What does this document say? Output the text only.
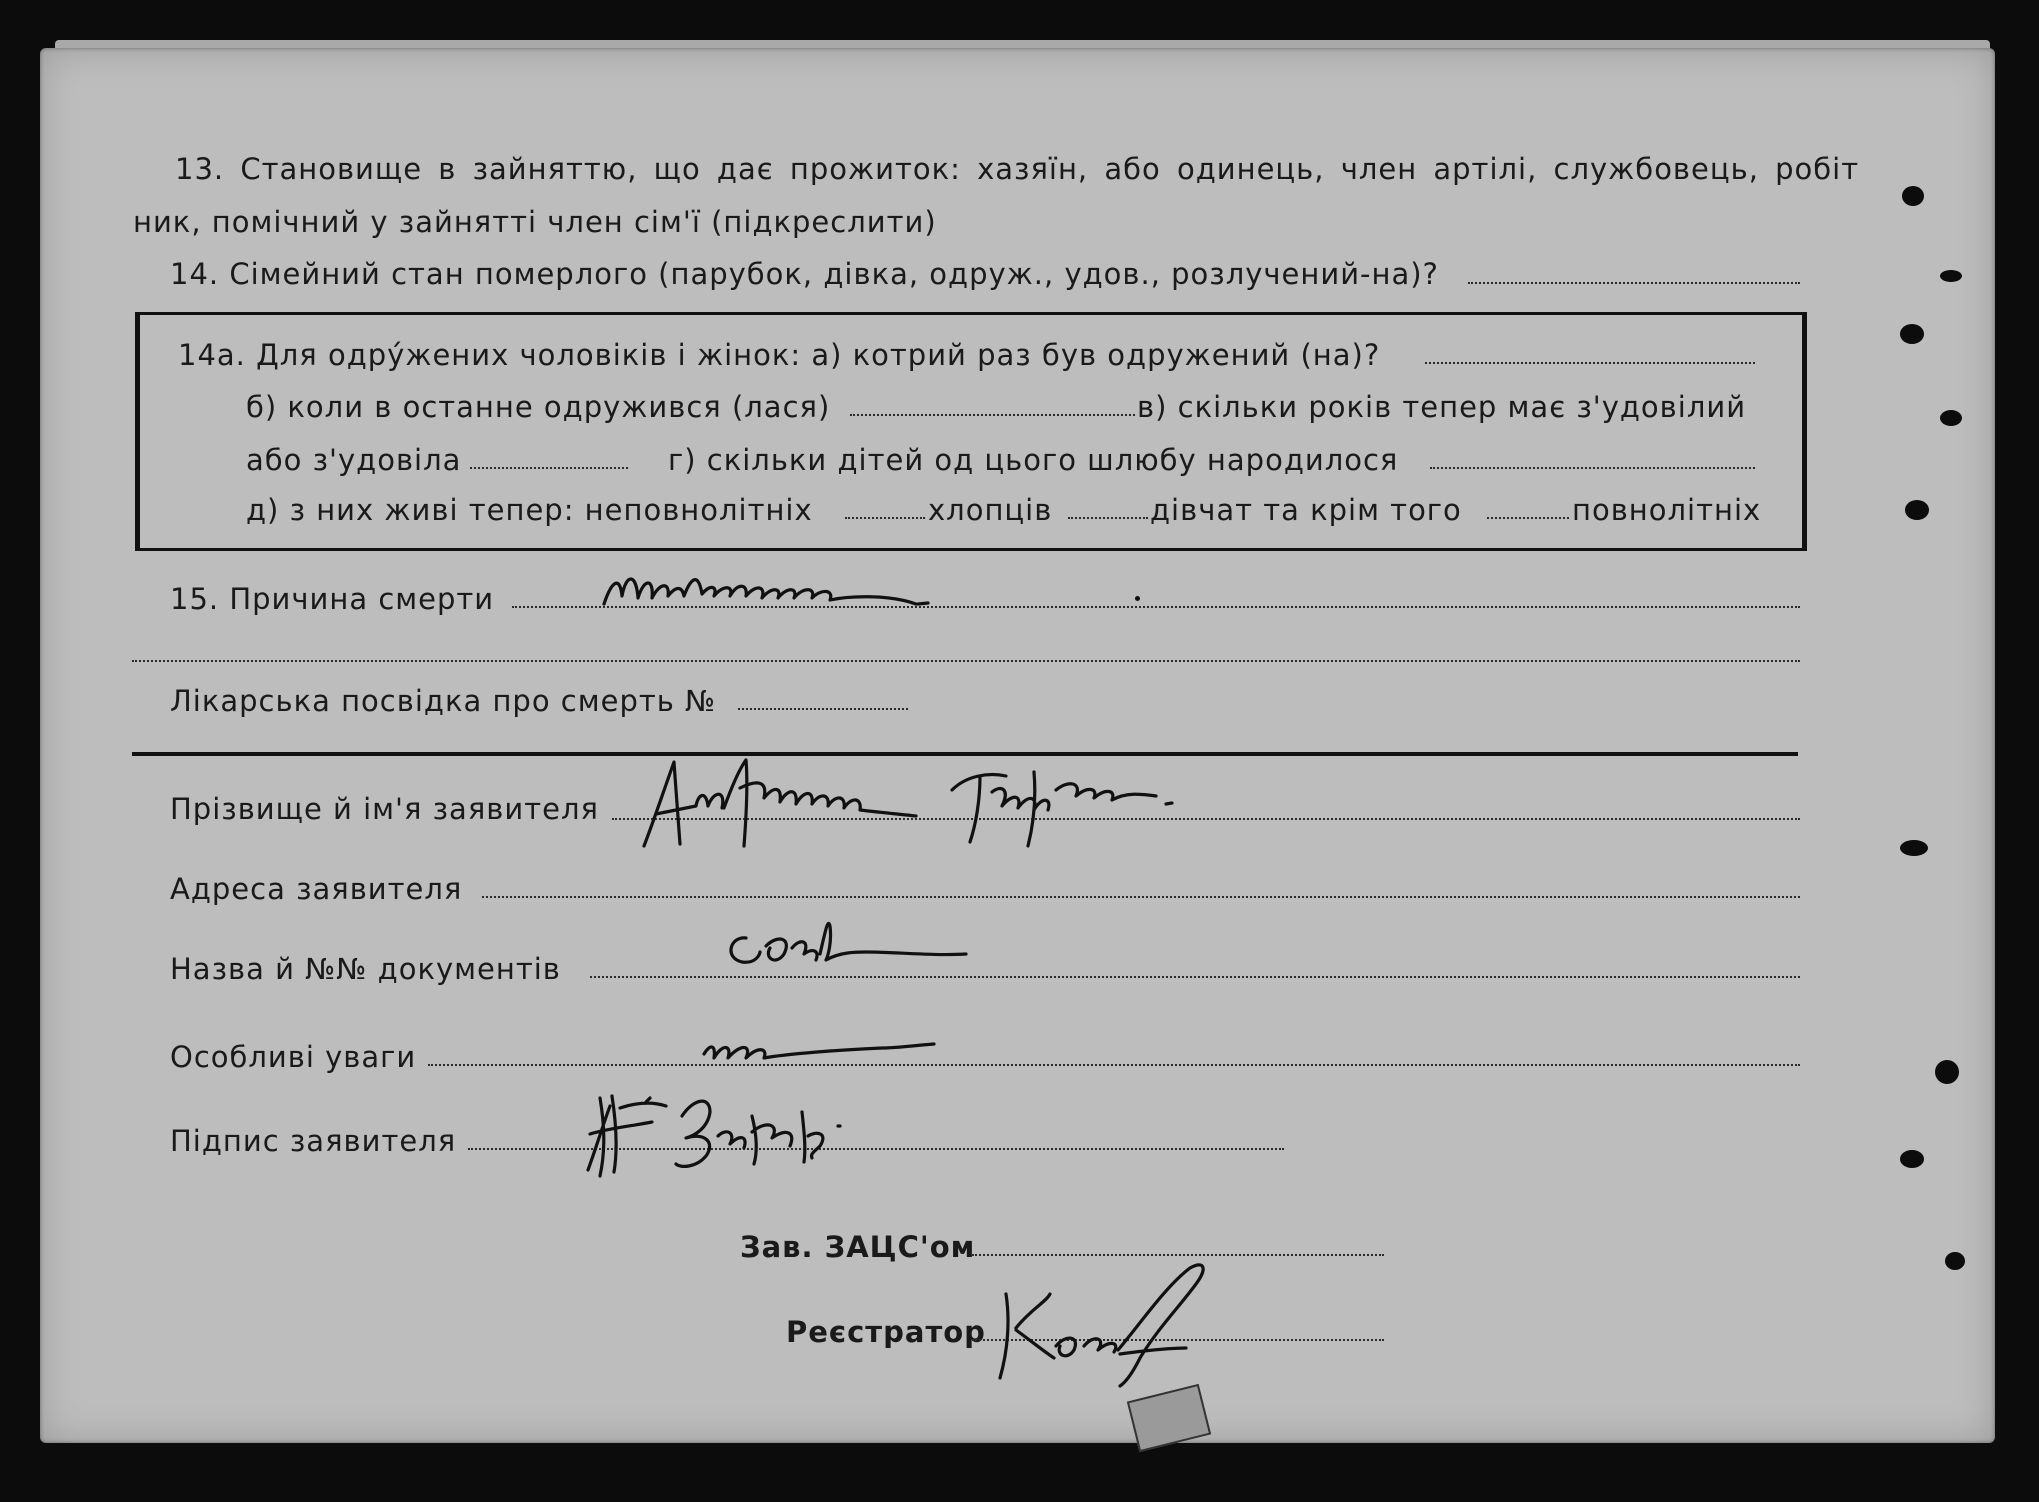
13. Становище в зайняттю, що дає прожиток: хазяїн, або одинець, член артілі, службовець, робіт
ник, помічний у зайнятті член сім'ї (підкреслити)
14. Сімейний стан померлого (парубок, дівка, одруж., удов., розлучений-на)?
14а. Для одру́жених чоловіків і жінок: а) котрий раз був одружений (на)?
б) коли в останне одружився (лася)	в) скільки років тепер має з'удовілий
або з'удовіла	г) скільки дітей од цього шлюбу народилося
д) з них живі тепер: неповнолітніх	хлопців	дівчат та крім того	повнолітніх
15. Причина смерти
Лікарська посвідка про смерть №
Прізвище й ім'я заявителя
Адреса заявителя
Назва й №№ документів
Особливі уваги
Підпис заявителя
Зав. ЗАЦС'ом
Реєстратор
